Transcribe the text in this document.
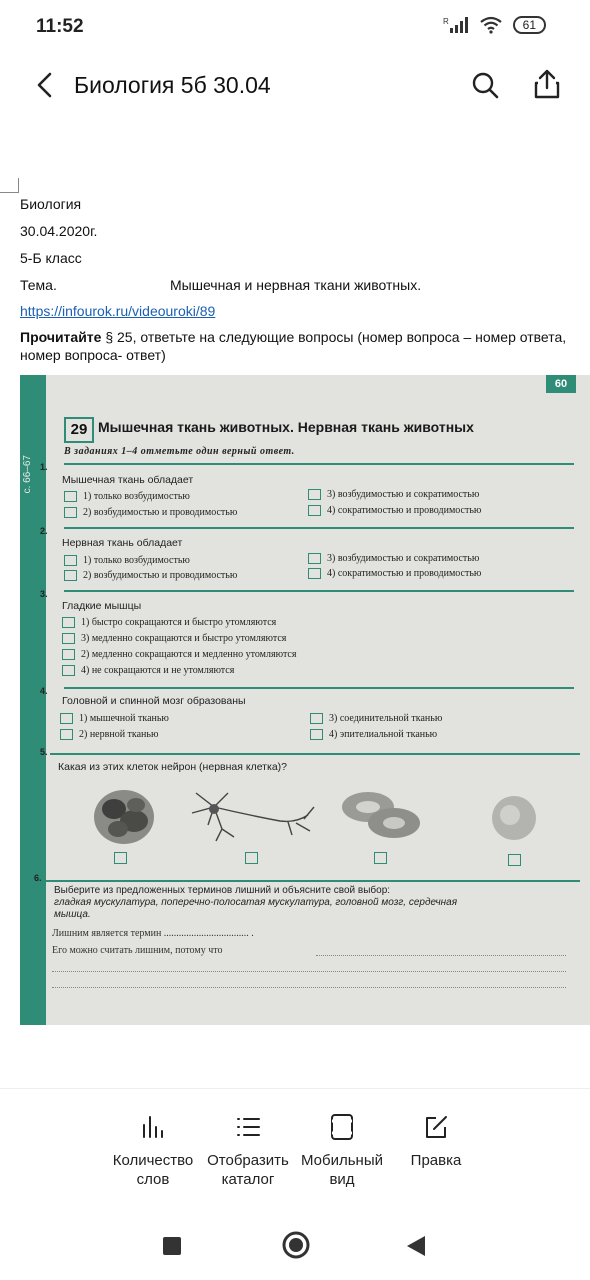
11:52	R	61
Биология 5б 30.04
Биология
30.04.2020г.
5-Б класс
Тема.	Мышечная и нервная ткани животных.
https://infourok.ru/videouroki/89
Прочитайте § 25, ответьте на следующие вопросы (номер вопроса – номер ответа, номер вопроса- ответ)
с. 66–67
60
29 Мышечная ткань животных. Нервная ткань животных
В заданиях 1–4 отметьте один верный ответ.
1.
Мышечная ткань обладает
1) только возбудимостью
2) возбудимостью и проводимостью
3) возбудимостью и сократимостью
4) сократимостью и проводимостью
2.
Нервная ткань обладает
1) только возбудимостью
2) возбудимостью и проводимостью
3) возбудимостью и сократимостью
4) сократимостью и проводимостью
3.
Гладкие мышцы
1) быстро сокращаются и быстро утомляются
3) медленно сокращаются и быстро утомляются
2) медленно сокращаются и медленно утомляются
4) не сокращаются и не утомляются
4.
Головной и спинной мозг образованы
1) мышечной тканью
2) нервной тканью
3) соединительной тканью
4) эпителиальной тканью
5.
Какая из этих клеток нейрон (нервная клетка)?
6.
Выберите из предложенных терминов лишний и объясните свой выбор:
гладкая мускулатура, поперечно-полосатая мускулатура, головной мозг, сердечная мышца.
Лишним является термин .................................. .
Его можно считать лишним, потому что
Количество слов
Отобразить каталог
Мобильный вид
Правка
